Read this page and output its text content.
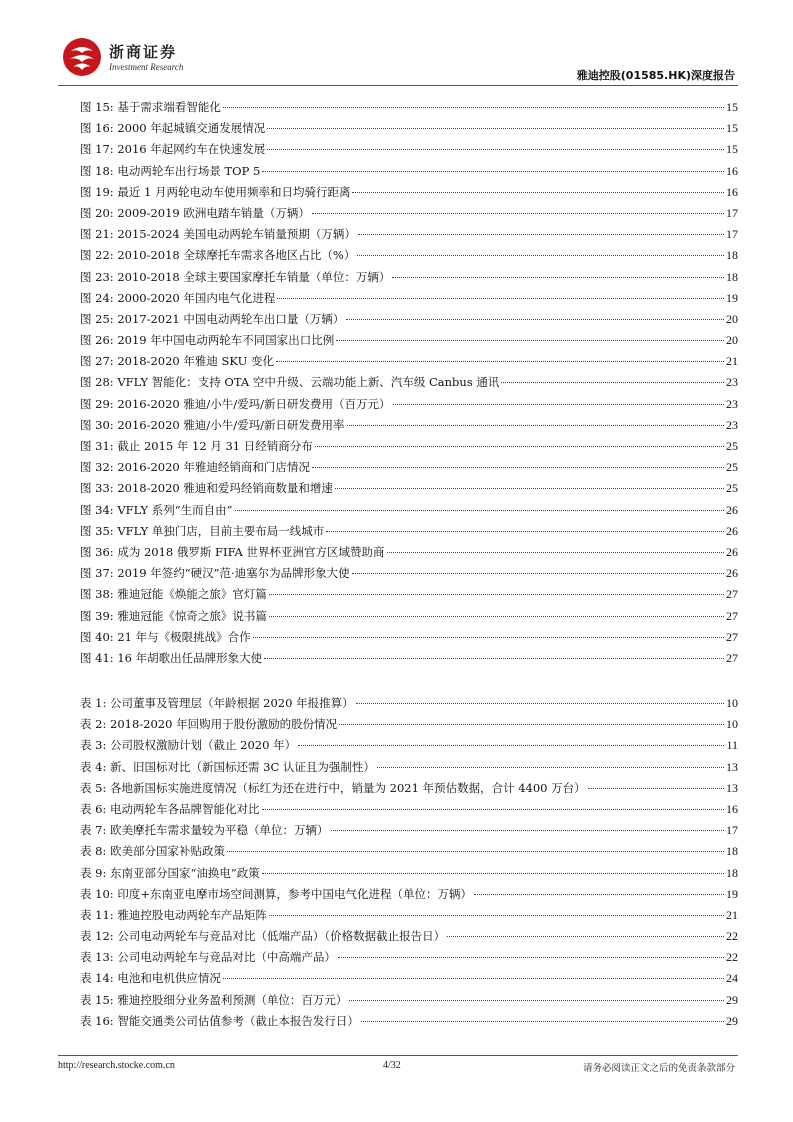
浙商证券
Investment Research
雅迪控股(01585.HK)深度报告
图 15: 基于需求端看智能化	15
图 16: 2000 年起城镇交通发展情况	15
图 17: 2016 年起网约车在快速发展	15
图 18: 电动两轮车出行场景 TOP 5	16
图 19: 最近 1 月两轮电动车使用频率和日均骑行距离	16
图 20: 2009-2019 欧洲电踏车销量（万辆）	17
图 21: 2015-2024 美国电动两轮车销量预期（万辆）	17
图 22: 2010-2018 全球摩托车需求各地区占比（%）	18
图 23: 2010-2018 全球主要国家摩托车销量（单位：万辆）	18
图 24: 2000-2020 年国内电气化进程	19
图 25: 2017-2021 中国电动两轮车出口量（万辆）	20
图 26: 2019 年中国电动两轮车不同国家出口比例	20
图 27: 2018-2020 年雅迪 SKU 变化	21
图 28: VFLY 智能化：支持 OTA 空中升级、云端功能上新、汽车级 Canbus 通讯	23
图 29: 2016-2020 雅迪/小牛/爱玛/新日研发费用（百万元）	23
图 30: 2016-2020 雅迪/小牛/爱玛/新日研发费用率	23
图 31: 截止 2015 年 12 月 31 日经销商分布	25
图 32: 2016-2020 年雅迪经销商和门店情况	25
图 33: 2018-2020 雅迪和爱玛经销商数量和增速	25
图 34: VFLY 系列“生而自由”	26
图 35: VFLY 单独门店，目前主要布局一线城市	26
图 36: 成为 2018 俄罗斯 FIFA 世界杯亚洲官方区域赞助商	26
图 37: 2019 年签约“硬汉”范·迪塞尔为品牌形象大使	26
图 38: 雅迪冠能《焕能之旅》官灯篇	27
图 39: 雅迪冠能《惊奇之旅》说书篇	27
图 40: 21 年与《极限挑战》合作	27
图 41: 16 年胡歌出任品牌形象大使	27
表 1: 公司董事及管理层（年龄根据 2020 年报推算）	10
表 2: 2018-2020 年回购用于股份激励的股份情况	10
表 3: 公司股权激励计划（截止 2020 年）	11
表 4: 新、旧国标对比（新国标还需 3C 认证且为强制性）	13
表 5: 各地新国标实施进度情况（标红为还在进行中，销量为 2021 年预估数据，合计 4400 万台）	13
表 6: 电动两轮车各品牌智能化对比	16
表 7: 欧美摩托车需求量较为平稳（单位：万辆）	17
表 8: 欧美部分国家补贴政策	18
表 9: 东南亚部分国家“油换电”政策	18
表 10: 印度+东南亚电摩市场空间测算，参考中国电气化进程（单位：万辆）	19
表 11: 雅迪控股电动两轮车产品矩阵	21
表 12: 公司电动两轮车与竞品对比（低端产品）（价格数据截止报告日）	22
表 13: 公司电动两轮车与竞品对比（中高端产品）	22
表 14: 电池和电机供应情况	24
表 15: 雅迪控股细分业务盈利预测（单位：百万元）	29
表 16: 智能交通类公司估值参考（截止本报告发行日）	29
http://research.stocke.com.cn	4/32	请务必阅读正文之后的免责条款部分
